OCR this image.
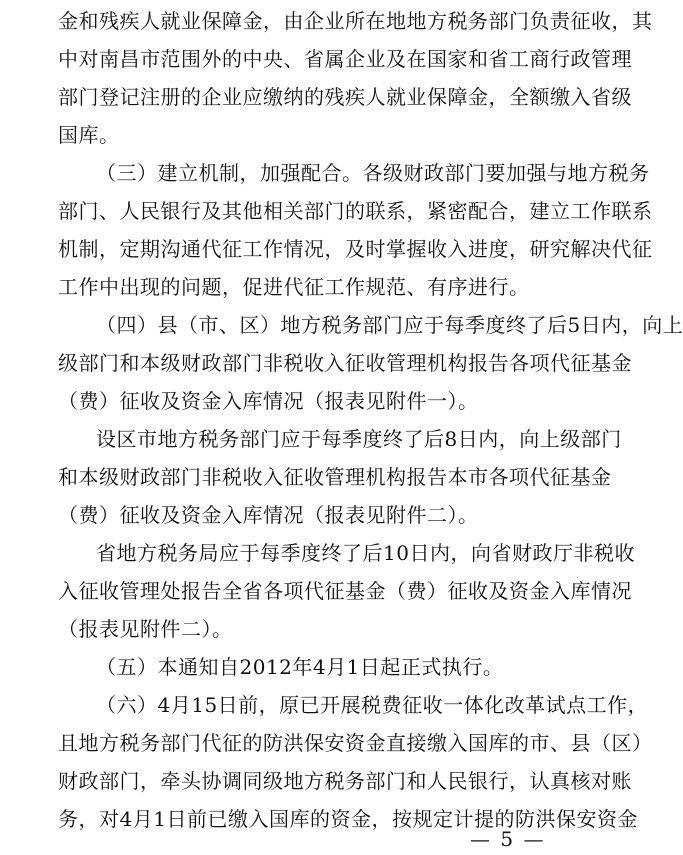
金和残疾人就业保障金，由企业所在地地方税务部门负责征收，其
中对南昌市范围外的中央、省属企业及在国家和省工商行政管理
部门登记注册的企业应缴纳的残疾人就业保障金，全额缴入省级
国库。
（三）建立机制，加强配合。各级财政部门要加强与地方税务
部门、人民银行及其他相关部门的联系，紧密配合，建立工作联系
机制，定期沟通代征工作情况，及时掌握收入进度，研究解决代征
工作中出现的问题，促进代征工作规范、有序进行。
（四）县（市、区）地方税务部门应于每季度终了后5日内，向上
级部门和本级财政部门非税收入征收管理机构报告各项代征基金
（费）征收及资金入库情况（报表见附件一）。
设区市地方税务部门应于每季度终了后8日内，向上级部门
和本级财政部门非税收入征收管理机构报告本市各项代征基金
（费）征收及资金入库情况（报表见附件二）。
省地方税务局应于每季度终了后10日内，向省财政厅非税收
入征收管理处报告全省各项代征基金（费）征收及资金入库情况
（报表见附件二）。
（五）本通知自2012年4月1日起正式执行。
（六）4月15日前，原已开展税费征收一体化改革试点工作，
且地方税务部门代征的防洪保安资金直接缴入国库的市、县（区）
财政部门，牵头协调同级地方税务部门和人民银行，认真核对账
务，对4月1日前已缴入国库的资金，按规定计提的防洪保安资金
— 5 —
